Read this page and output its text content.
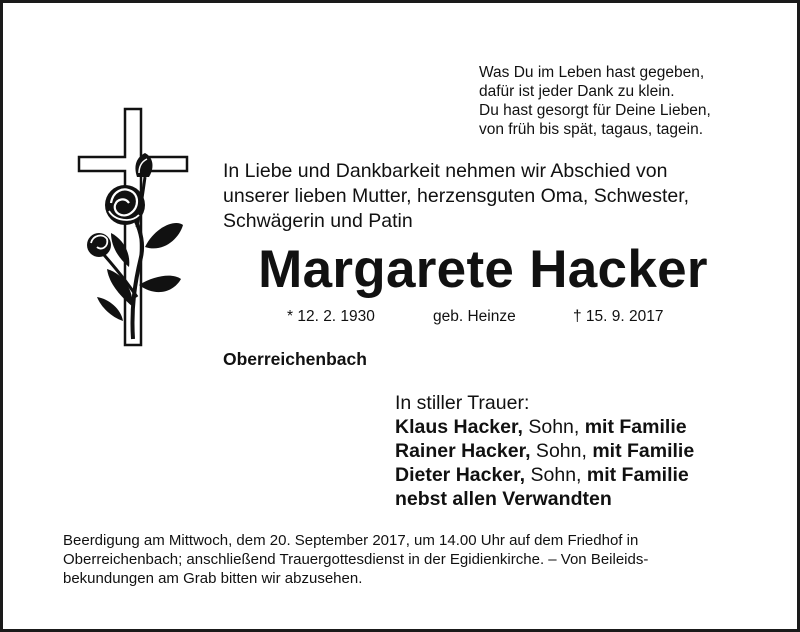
Was Du im Leben hast gegeben,
dafür ist jeder Dank zu klein.
Du hast gesorgt für Deine Lieben,
von früh bis spät, tagaus, tagein.
In Liebe und Dankbarkeit nehmen wir Abschied von
unserer lieben Mutter, herzensguten Oma, Schwester,
Schwägerin und Patin
Margarete Hacker
* 12. 2. 1930	geb. Heinze	† 15. 9. 2017
Oberreichenbach
In stiller Trauer:
Klaus Hacker, Sohn, mit Familie
Rainer Hacker, Sohn, mit Familie
Dieter Hacker, Sohn, mit Familie
nebst allen Verwandten
Beerdigung am Mittwoch, dem 20. September 2017, um 14.00 Uhr auf dem Friedhof in
Oberreichenbach; anschließend Trauergottesdienst in der Egidienkirche. – Von Beileids-
bekundungen am Grab bitten wir abzusehen.
